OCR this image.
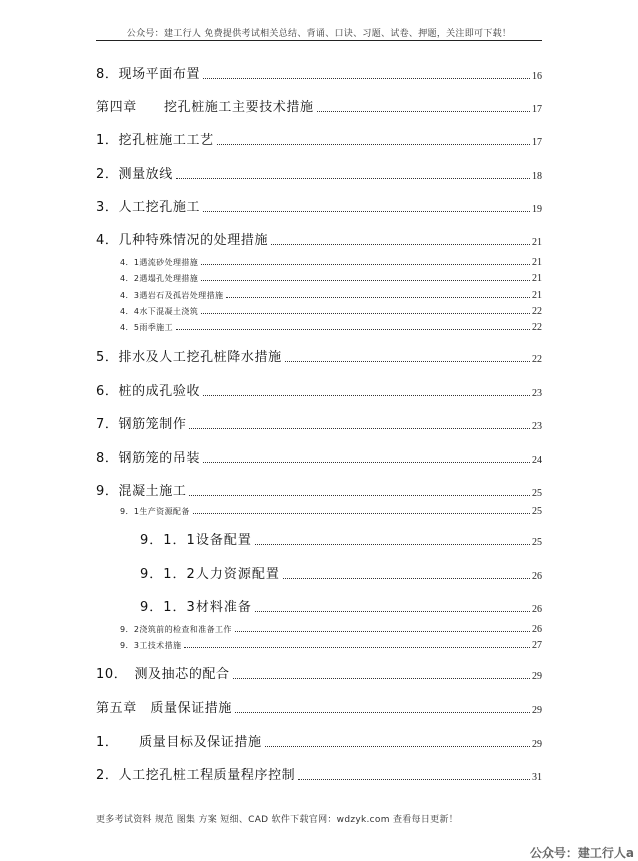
公众号：建工行人 免费提供考试相关总结、背诵、口诀、习题、试卷、押题，关注即可下载！
8．现场平面布置	16
第四章　　挖孔桩施工主要技术措施	17
1．挖孔桩施工工艺	17
2．测量放线	18
3．人工挖孔施工	19
4．几种特殊情况的处理措施	21
4．1遇流砂处理措施	21
4．2遇塌孔处理措施	21
4．3遇岩石及孤岩处理措施	21
4．4水下混凝土浇筑	22
4．5雨季施工	22
5．排水及人工挖孔桩降水措施	22
6．桩的成孔验收	23
7．钢筋笼制作	23
8．钢筋笼的吊装	24
9．混凝土施工	25
9．1生产资源配备	25
9．1．1设备配置	25
9．1．2人力资源配置	26
9．1．3材料准备	26
9．2浇筑前的检查和准备工作	26
9．3工技术措施	27
10．　测及抽芯的配合	29
第五章　质量保证措施	29
1．　　质量目标及保证措施	29
2．人工挖孔桩工程质量程序控制	31
更多考试资料 规范 图集 方案 短细、CAD 软件下载官网：wdzyk.com 查看每日更新！
公众号：建工行人a
